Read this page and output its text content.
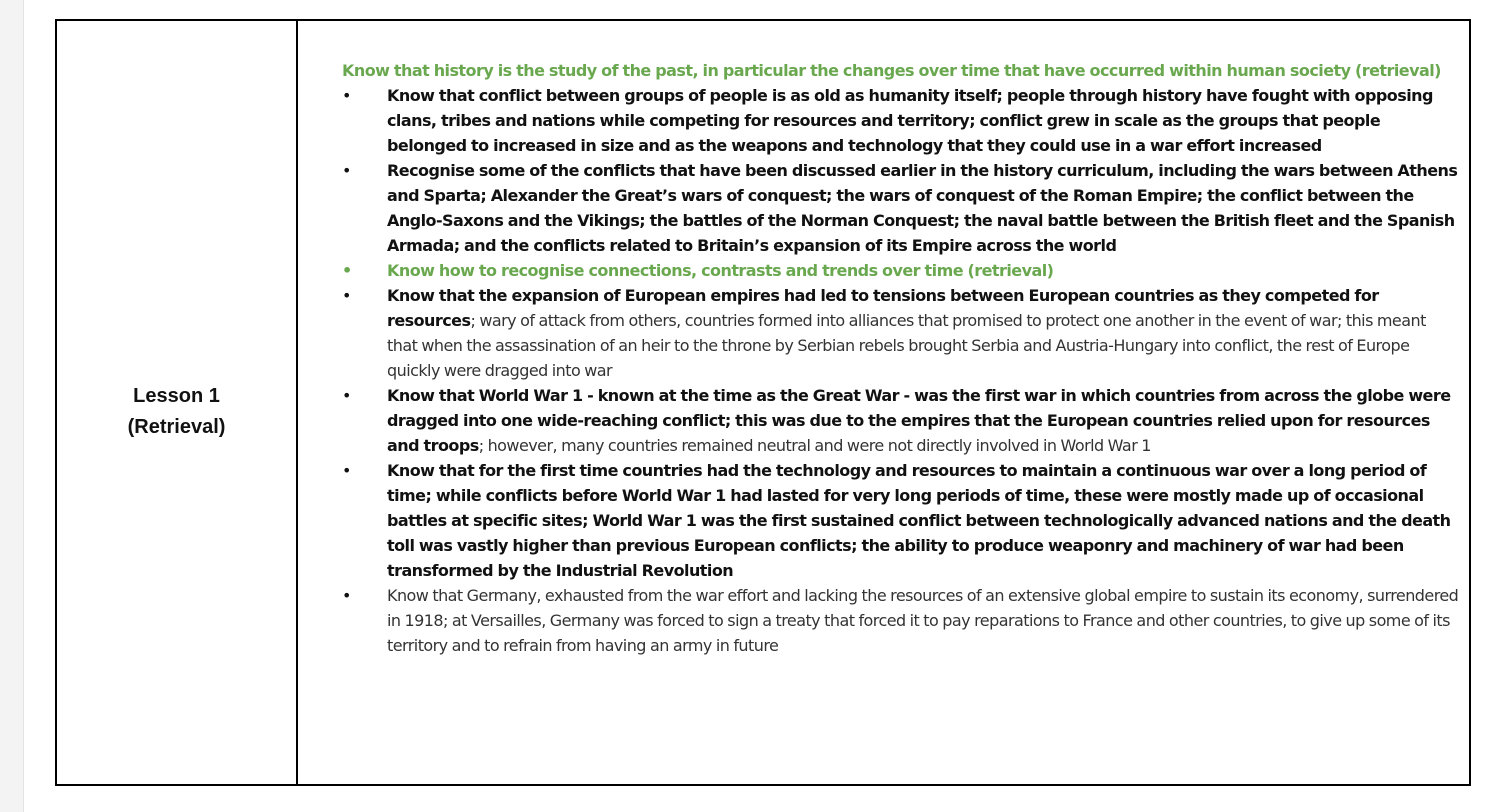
Lesson 1
(Retrieval)

Know that history is the study of the past, in particular the changes over time that have occurred within human society (retrieval)

• Know that conflict between groups of people is as old as humanity itself; people through history have fought with opposing clans, tribes and nations while competing for resources and territory; conflict grew in scale as the groups that people belonged to increased in size and as the weapons and technology that they could use in a war effort increased
• Recognise some of the conflicts that have been discussed earlier in the history curriculum, including the wars between Athens and Sparta; Alexander the Great’s wars of conquest; the wars of conquest of the Roman Empire; the conflict between the Anglo-Saxons and the Vikings; the battles of the Norman Conquest; the naval battle between the British fleet and the Spanish Armada; and the conflicts related to Britain’s expansion of its Empire across the world
• Know how to recognise connections, contrasts and trends over time (retrieval)
• Know that the expansion of European empires had led to tensions between European countries as they competed for resources; wary of attack from others, countries formed into alliances that promised to protect one another in the event of war; this meant that when the assassination of an heir to the throne by Serbian rebels brought Serbia and Austria-Hungary into conflict, the rest of Europe quickly were dragged into war
• Know that World War 1 - known at the time as the Great War - was the first war in which countries from across the globe were dragged into one wide-reaching conflict; this was due to the empires that the European countries relied upon for resources and troops; however, many countries remained neutral and were not directly involved in World War 1
• Know that for the first time countries had the technology and resources to maintain a continuous war over a long period of time; while conflicts before World War 1 had lasted for very long periods of time, these were mostly made up of occasional battles at specific sites; World War 1 was the first sustained conflict between technologically advanced nations and the death toll was vastly higher than previous European conflicts; the ability to produce weaponry and machinery of war had been transformed by the Industrial Revolution
• Know that Germany, exhausted from the war effort and lacking the resources of an extensive global empire to sustain its economy, surrendered in 1918; at Versailles, Germany was forced to sign a treaty that forced it to pay reparations to France and other countries, to give up some of its territory and to refrain from having an army in future
